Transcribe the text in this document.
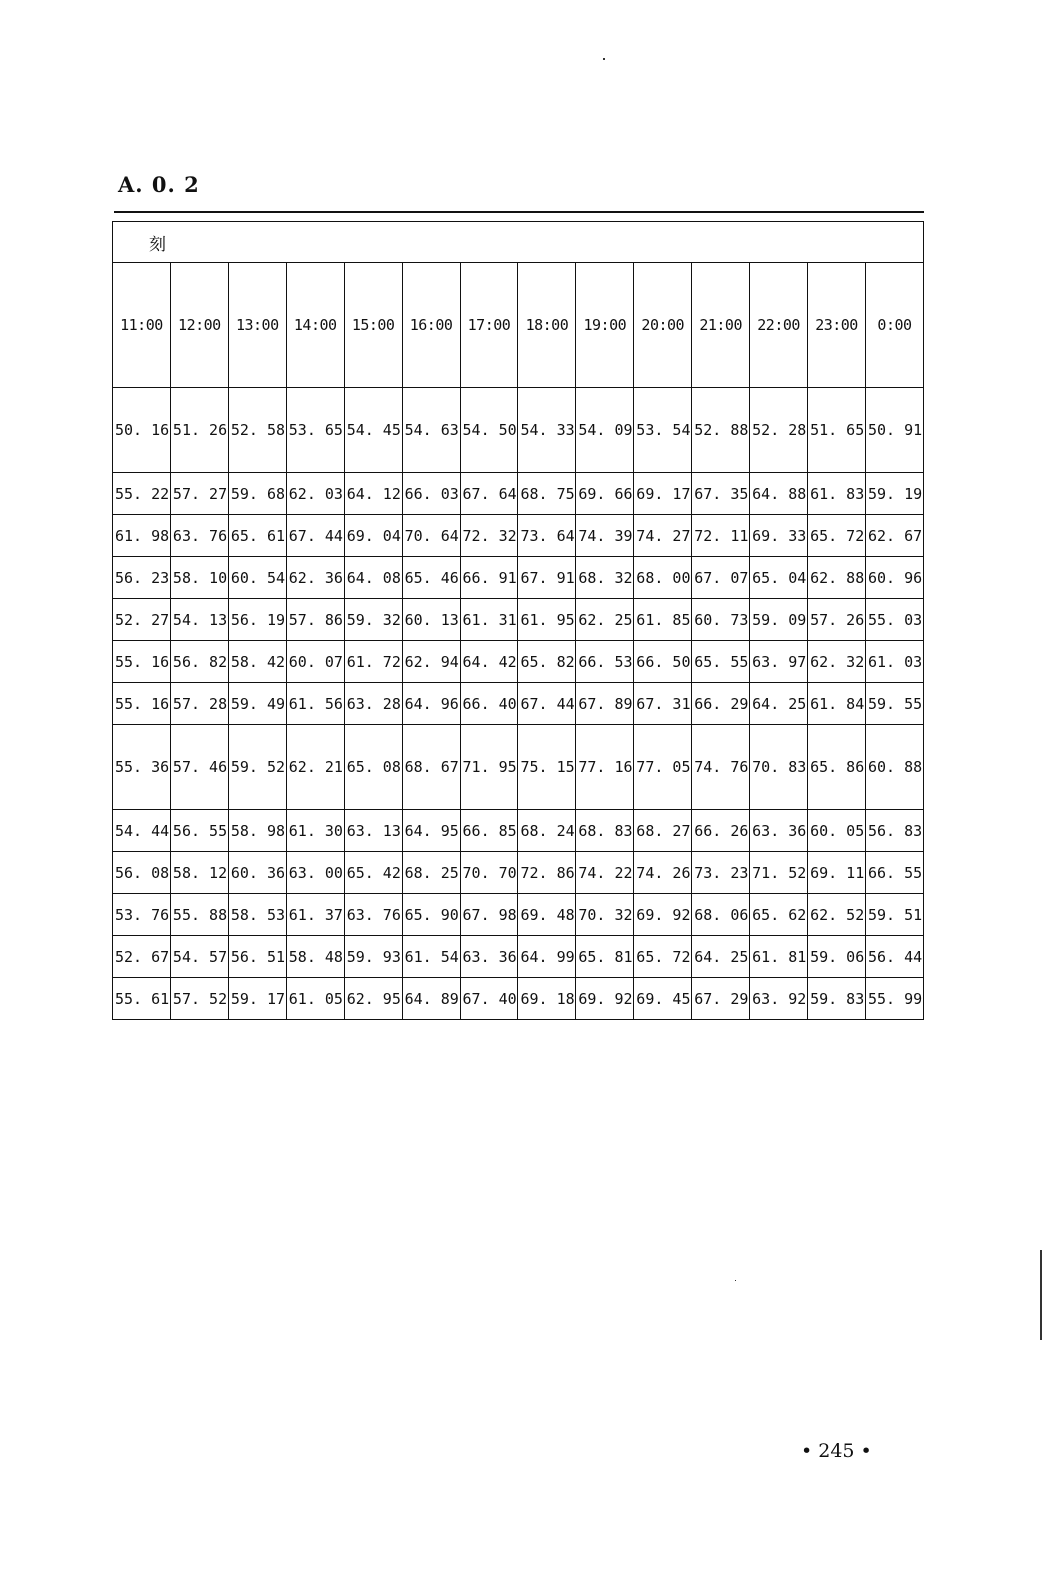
A. 0. 2
刻													
11:00	12:00	13:00	14:00	15:00	16:00	17:00	18:00	19:00	20:00	21:00	22:00	23:00	0:00
50. 16	51. 26	52. 58	53. 65	54. 45	54. 63	54. 50	54. 33	54. 09	53. 54	52. 88	52. 28	51. 65	50. 91
55. 22	57. 27	59. 68	62. 03	64. 12	66. 03	67. 64	68. 75	69. 66	69. 17	67. 35	64. 88	61. 83	59. 19
61. 98	63. 76	65. 61	67. 44	69. 04	70. 64	72. 32	73. 64	74. 39	74. 27	72. 11	69. 33	65. 72	62. 67
56. 23	58. 10	60. 54	62. 36	64. 08	65. 46	66. 91	67. 91	68. 32	68. 00	67. 07	65. 04	62. 88	60. 96
52. 27	54. 13	56. 19	57. 86	59. 32	60. 13	61. 31	61. 95	62. 25	61. 85	60. 73	59. 09	57. 26	55. 03
55. 16	56. 82	58. 42	60. 07	61. 72	62. 94	64. 42	65. 82	66. 53	66. 50	65. 55	63. 97	62. 32	61. 03
55. 16	57. 28	59. 49	61. 56	63. 28	64. 96	66. 40	67. 44	67. 89	67. 31	66. 29	64. 25	61. 84	59. 55
55. 36	57. 46	59. 52	62. 21	65. 08	68. 67	71. 95	75. 15	77. 16	77. 05	74. 76	70. 83	65. 86	60. 88
54. 44	56. 55	58. 98	61. 30	63. 13	64. 95	66. 85	68. 24	68. 83	68. 27	66. 26	63. 36	60. 05	56. 83
56. 08	58. 12	60. 36	63. 00	65. 42	68. 25	70. 70	72. 86	74. 22	74. 26	73. 23	71. 52	69. 11	66. 55
53. 76	55. 88	58. 53	61. 37	63. 76	65. 90	67. 98	69. 48	70. 32	69. 92	68. 06	65. 62	62. 52	59. 51
52. 67	54. 57	56. 51	58. 48	59. 93	61. 54	63. 36	64. 99	65. 81	65. 72	64. 25	61. 81	59. 06	56. 44
55. 61	57. 52	59. 17	61. 05	62. 95	64. 89	67. 40	69. 18	69. 92	69. 45	67. 29	63. 92	59. 83	55. 99
• 245 •
